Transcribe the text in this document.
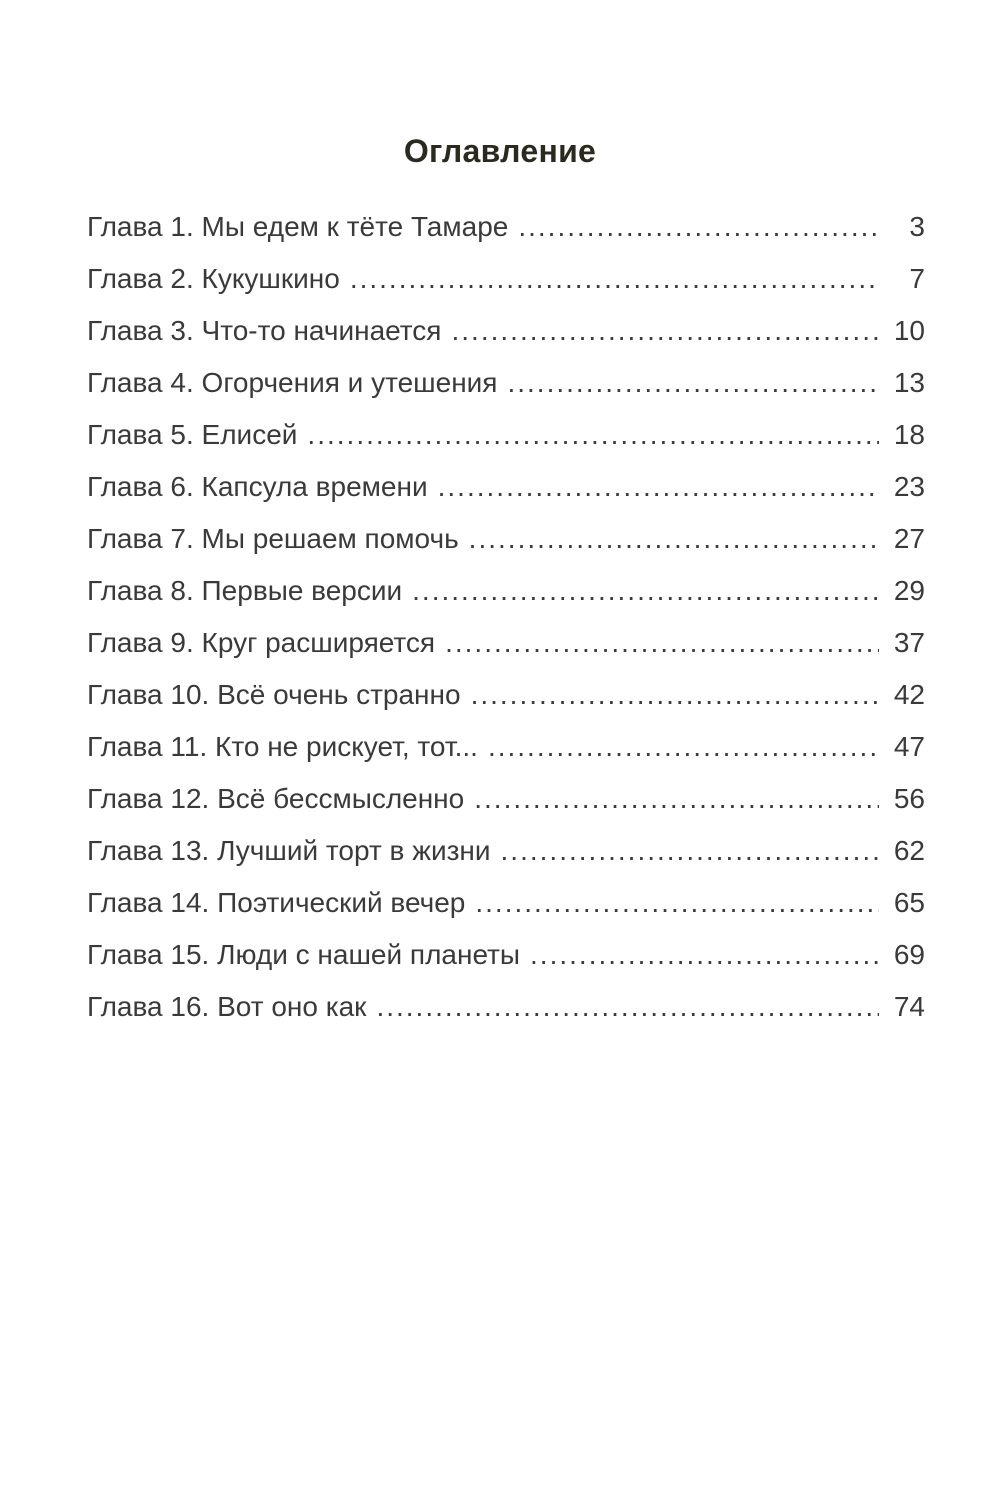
Оглавление
Глава 1. Мы едем к тёте Тамаре .....	3
Глава 2. Кукушкино .....	7
Глава 3. Что-то начинается .....	10
Глава 4. Огорчения и утешения .....	13
Глава 5. Елисей .....	18
Глава 6. Капсула времени .....	23
Глава 7. Мы решаем помочь .....	27
Глава 8. Первые версии .....	29
Глава 9. Круг расширяется .....	37
Глава 10. Всё очень странно .....	42
Глава 11. Кто не рискует, тот... .....	47
Глава 12. Всё бессмысленно .....	56
Глава 13. Лучший торт в жизни .....	62
Глава 14. Поэтический вечер .....	65
Глава 15. Люди с нашей планеты .....	69
Глава 16. Вот оно как .....	74
